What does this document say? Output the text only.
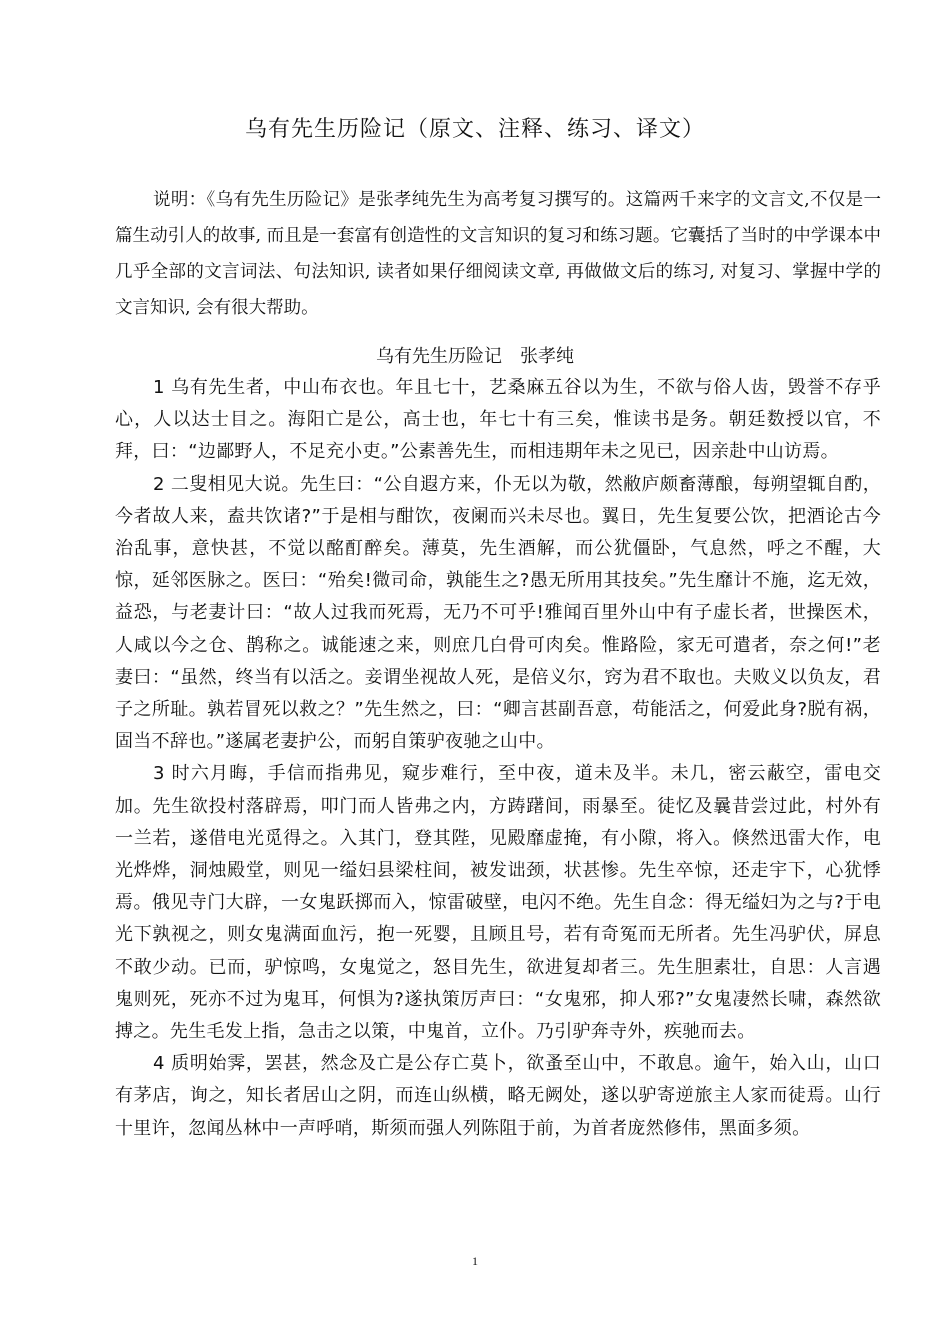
乌有先生历险记（原文、注释、练习、译文）

说明：《乌有先生历险记》是张孝纯先生为高考复习撰写的。这篇两千来字的文言文,不仅是一篇生动引人的故事, 而且是一套富有创造性的文言知识的复习和练习题。它囊括了当时的中学课本中几乎全部的文言词法、句法知识, 读者如果仔细阅读文章, 再做做文后的练习, 对复习、掌握中学的文言知识, 会有很大帮助。

乌有先生历险记　张孝纯

1 乌有先生者，中山布衣也。年且七十，艺桑麻五谷以为生，不欲与俗人齿，毁誉不存乎心，人以达士目之。海阳亡是公，高士也，年七十有三矣，惟读书是务。朝廷数授以官，不拜，曰：“边鄙野人，不足充小吏。”公素善先生，而相违期年未之见已，因亲赴中山访焉。

2 二叟相见大说。先生曰：“公自遐方来，仆无以为敬，然敝庐颇畜薄酿，每朔望辄自酌，今者故人来，盍共饮诸?”于是相与酣饮，夜阑而兴未尽也。翼日，先生复要公饮，把酒论古今治乱事，意快甚，不觉以酩酊醉矣。薄莫，先生酒解，而公犹僵卧，气息然，呼之不醒，大惊，延邻医脉之。医曰：“殆矣!微司命，孰能生之?愚无所用其技矣。”先生靡计不施，迄无效，益恐，与老妻计曰：“故人过我而死焉，无乃不可乎!雅闻百里外山中有子虚长者，世操医术，人咸以今之仓、鹊称之。诚能速之来，则庶几白骨可肉矣。惟路险，家无可遣者，奈之何!”老妻曰：“虽然，终当有以活之。妾谓坐视故人死，是倍义尔，窍为君不取也。夫败义以负友，君子之所耻。孰若冒死以救之？”先生然之，曰：“卿言甚副吾意，苟能活之，何爱此身?脱有祸，固当不辞也。”遂属老妻护公，而躬自策驴夜驰之山中。

3 时六月晦，手信而指弗见，窥步难行，至中夜，道未及半。未几，密云蔽空，雷电交加。先生欲投村落辟焉，叩门而人皆弗之内，方踌躇间，雨暴至。徒忆及曩昔尝过此，村外有一兰若，遂借电光觅得之。入其门，登其陛，见殿靡虚掩，有小隙，将入。倏然迅雷大作，电光烨烨，洞烛殿堂，则见一缢妇县梁柱间，被发诎颈，状甚惨。先生卒惊，还走宇下，心犹悸焉。俄见寺门大辟，一女鬼跃掷而入，惊雷破壁，电闪不绝。先生自念：得无缢妇为之与?于电光下孰视之，则女鬼满面血污，抱一死婴，且顾且号，若有奇冤而无所者。先生冯驴伏，屏息不敢少动。已而，驴惊鸣，女鬼觉之，怒目先生，欲进复却者三。先生胆素壮，自思：人言遇鬼则死，死亦不过为鬼耳，何惧为?遂执策厉声曰：“女鬼邪，抑人邪?”女鬼凄然长啸，森然欲搏之。先生毛发上指，急击之以策，中鬼首，立仆。乃引驴奔寺外，疾驰而去。

4 质明始霁，罢甚，然念及亡是公存亡莫卜，欲蚤至山中，不敢息。逾午，始入山，山口有茅店，询之，知长者居山之阴，而连山纵横，略无阙处，遂以驴寄逆旅主人家而徒焉。山行十里许，忽闻丛林中一声呼哨，斯须而强人列陈阻于前，为首者庞然修伟，黑面多须。

1
